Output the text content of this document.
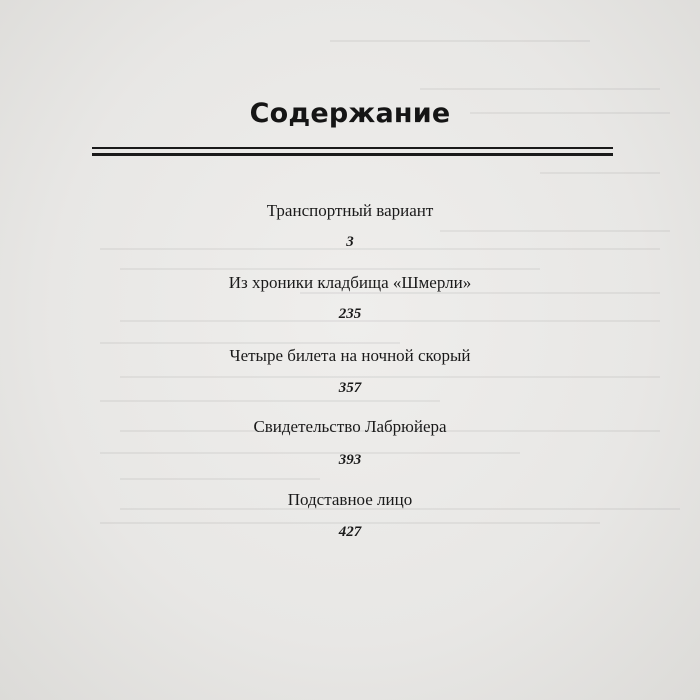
Содержание
Транспортный вариант
3
Из хроники кладбища «Шмерли»
235
Четыре билета на ночной скорый
357
Свидетельство Лабрюйера
393
Подставное лицо
427
